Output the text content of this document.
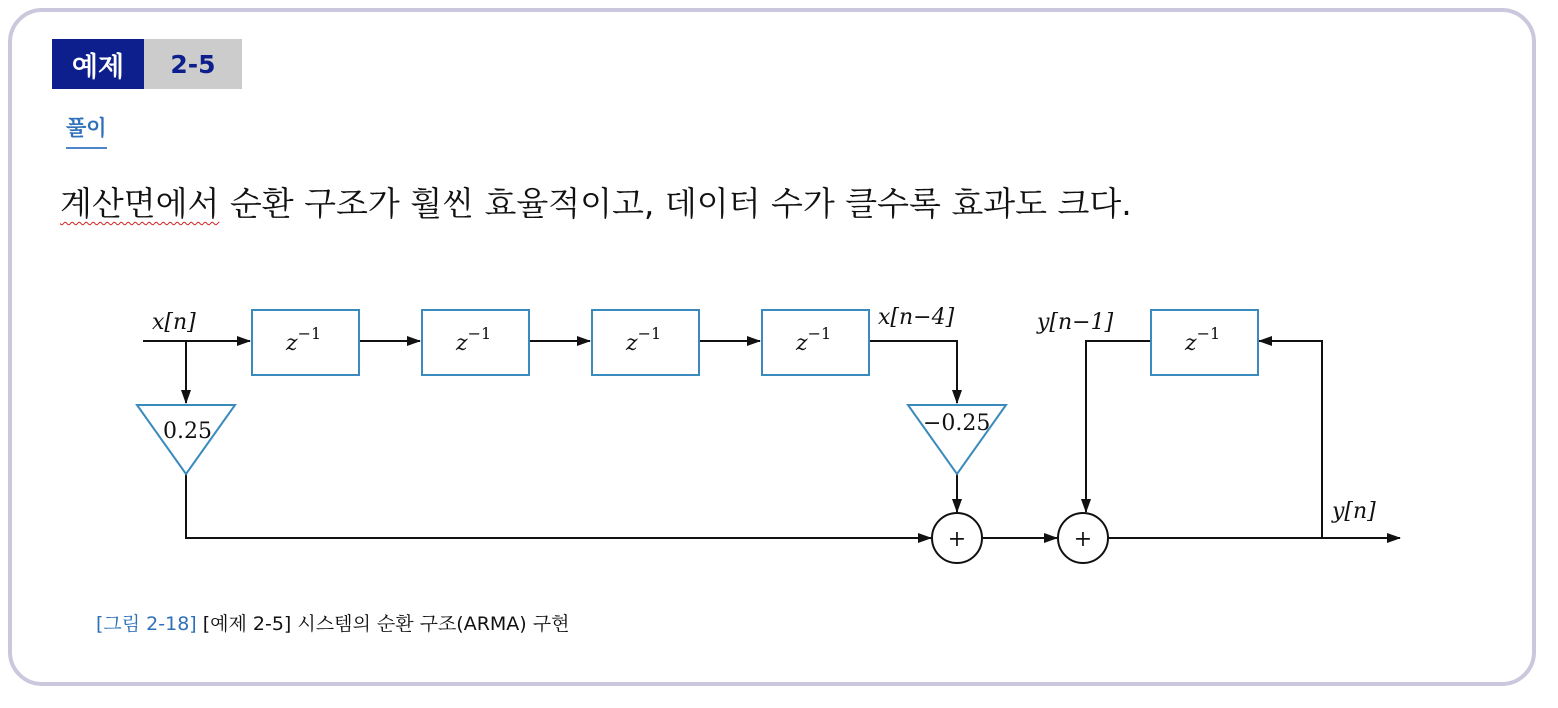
예제	2-5
풀이
계산면에서 순환 구조가 훨씬 효율적이고, 데이터 수가 클수록 효과도 크다.
x[n]	x[n−4]	y[n−1]
y[n]
$z^{-1}$	$z^{-1}$	$z^{-1}$	$z^{-1}$	$z^{-1}$
0.25	−0.25
+	+
[그림 2-18] [예제 2-5] 시스템의 순환 구조(ARMA) 구현
